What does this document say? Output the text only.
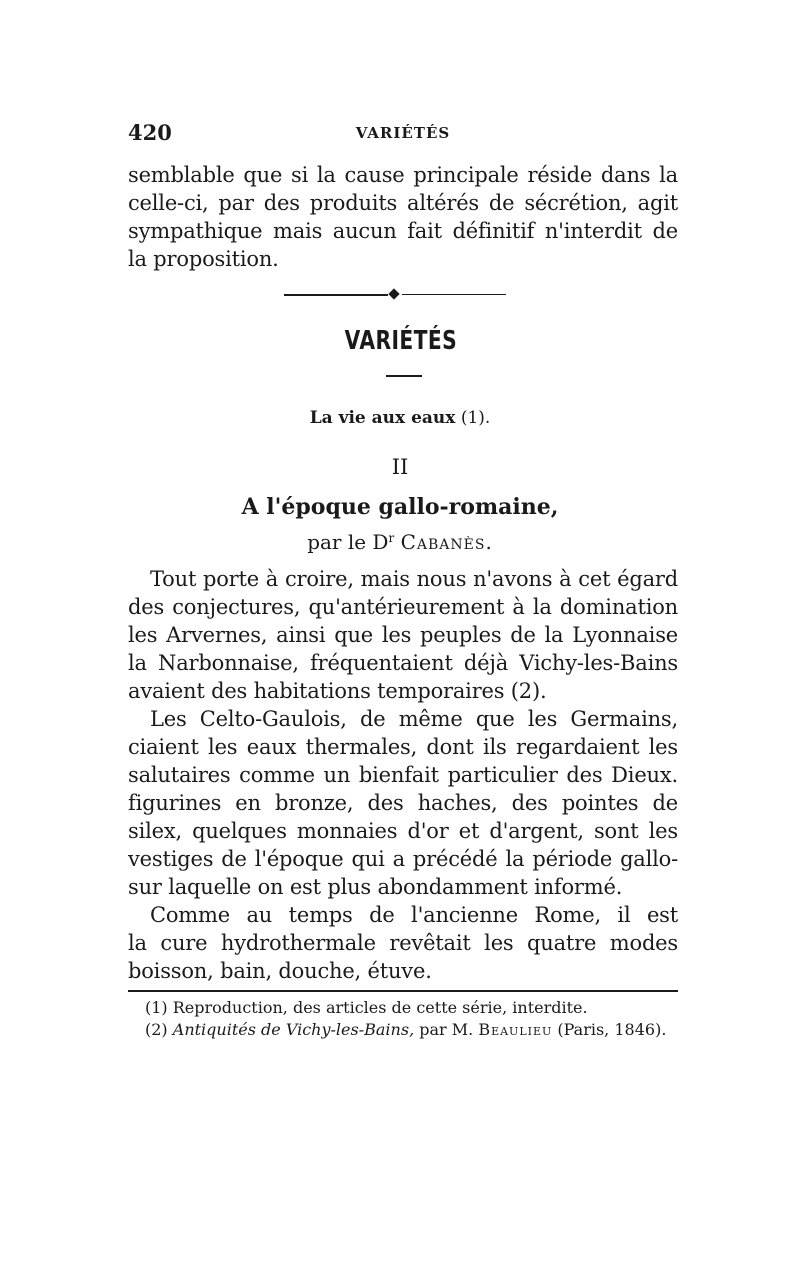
420	VARIÉTÉS
semblable que si la cause principale réside dans la
celle-ci, par des produits altérés de sécrétion, agit
sympathique mais aucun fait définitif n'interdit de
la proposition.
VARIÉTÉS
La vie aux eaux (1).
II
A l'époque gallo-romaine,
par le $D^r$ Cabanès.
Tout porte à croire, mais nous n'avons à cet égard
des conjectures, qu'antérieurement à la domination
les Arvernes, ainsi que les peuples de la Lyonnaise
la Narbonnaise, fréquentaient déjà Vichy-les-Bains
avaient des habitations temporaires (2).
Les Celto-Gaulois, de même que les Germains,
ciaient les eaux thermales, dont ils regardaient les
salutaires comme un bienfait particulier des Dieux.
figurines en bronze, des haches, des pointes de
silex, quelques monnaies d'or et d'argent, sont les
vestiges de l'époque qui a précédé la période gallo-
sur laquelle on est plus abondamment informé.
Comme au temps de l'ancienne Rome, il est
la cure hydrothermale revêtait les quatre modes
boisson, bain, douche, étuve.
(1) Reproduction, des articles de cette série, interdite.
(2) Antiquités de Vichy-les-Bains, par M. Beaulieu (Paris, 1846).
